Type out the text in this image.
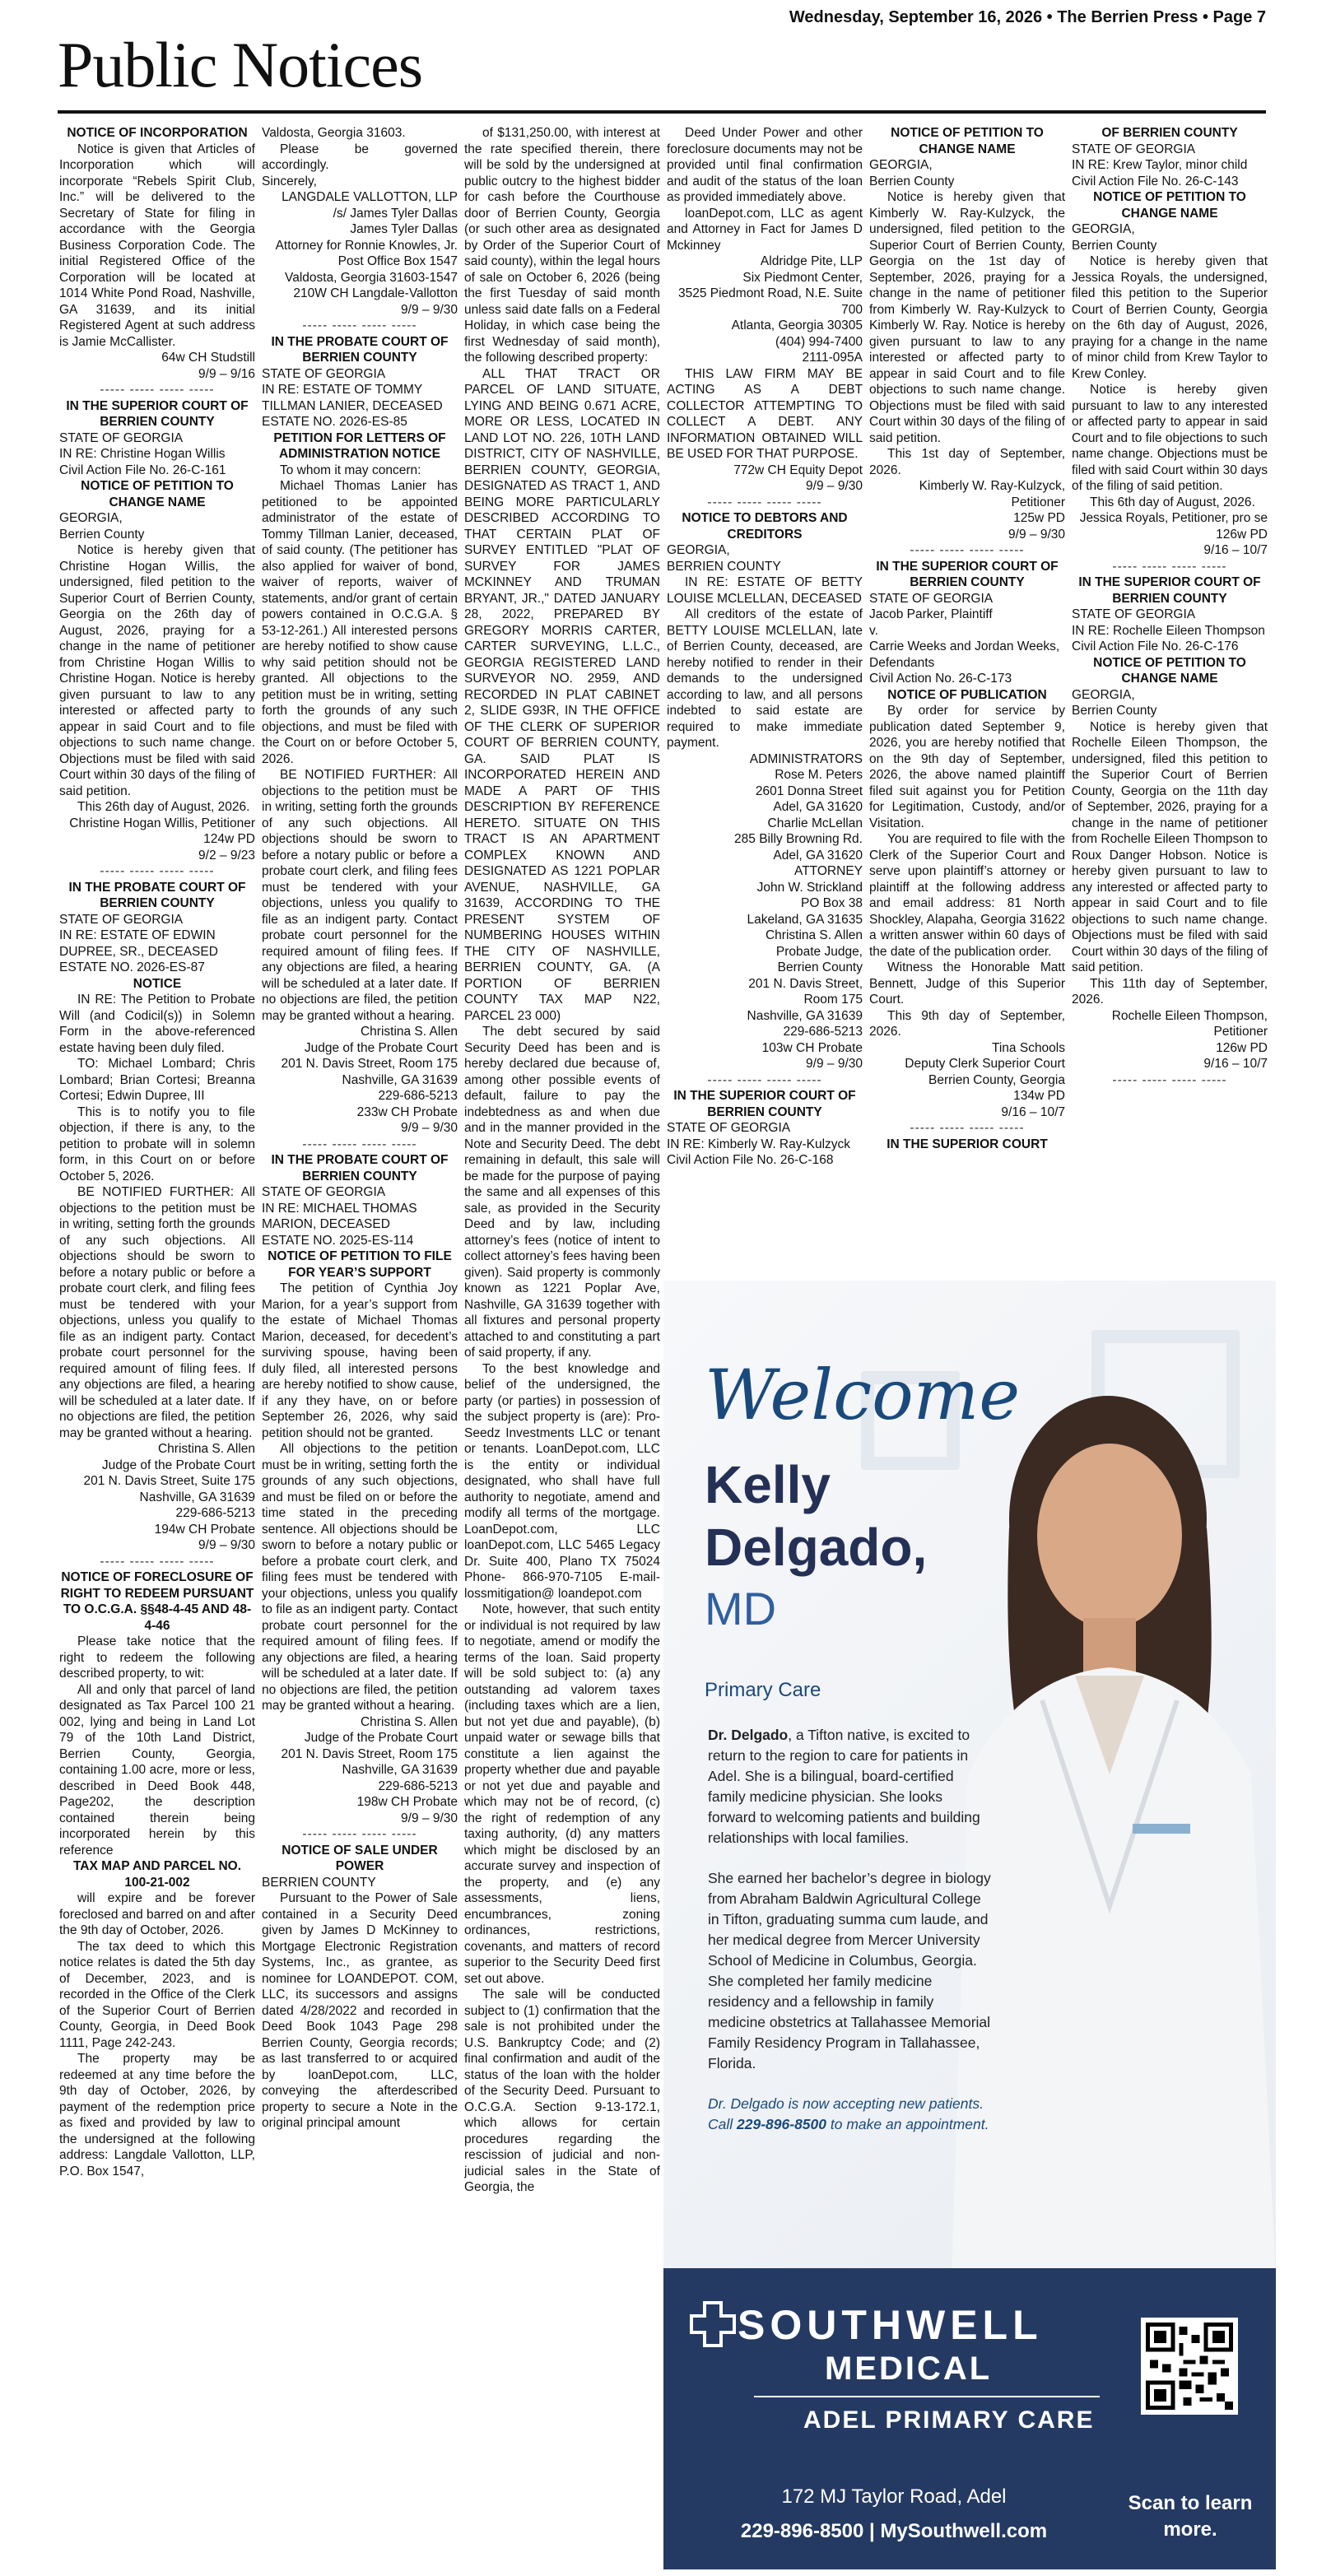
Public Notices
Wednesday, September 16, 2026 • The Berrien Press • Page 7

NOTICE OF INCORPORATION

Notice is given that Articles of Incorporation which will incorporate “Rebels Spirit Club, Inc.” will be delivered to the Secretary of State for filing in accordance with the Georgia Business Corporation Code. The initial Registered Office of the Corporation will be located at 1014 White Pond Road, Nashville, GA 31639, and its initial Registered Agent at such address is Jamie McCallister.

64w CH Studstill

9/9 – 9/16

----- ----- ----- -----

IN THE SUPERIOR COURT OF BERRIEN COUNTY

STATE OF GEORGIA

IN RE: Christine Hogan Willis

Civil Action File No. 26-C-161

NOTICE OF PETITION TO CHANGE NAME

GEORGIA,

Berrien County

Notice is hereby given that Christine Hogan Willis, the undersigned, filed petition to the Superior Court of Berrien County, Georgia on the 26th day of August, 2026, praying for a change in the name of petitioner from Christine Hogan Willis to Christine Hogan. Notice is hereby given pursuant to law to any interested or affected party to appear in said Court and to file objections to such name change. Objections must be filed with said Court within 30 days of the filing of said petition.

This 26th day of August, 2026.

Christine Hogan Willis, Petitioner

124w PD

9/2 – 9/23

----- ----- ----- -----

IN THE PROBATE COURT OF BERRIEN COUNTY

STATE OF GEORGIA

IN RE: ESTATE OF EDWIN DUPREE, SR., DECEASED

ESTATE NO. 2026-ES-87

NOTICE

IN RE: The Petition to Probate Will (and Codicil(s)) in Solemn Form in the above-referenced estate having been duly filed.

TO: Michael Lombard; Chris Lombard; Brian Cortesi; Breanna Cortesi; Edwin Dupree, III

This is to notify you to file objection, if there is any, to the petition to probate will in solemn form, in this Court on or before October 5, 2026.

BE NOTIFIED FURTHER: All objections to the petition must be in writing, setting forth the grounds of any such objections. All objections should be sworn to before a notary public or before a probate court clerk, and filing fees must be tendered with your objections, unless you qualify to file as an indigent party. Contact probate court personnel for the required amount of filing fees. If any objections are filed, a hearing will be scheduled at a later date. If no objections are filed, the petition may be granted without a hearing.

Christina S. Allen

Judge of the Probate Court

201 N. Davis Street, Suite 175

Nashville, GA 31639

229-686-5213

194w CH Probate

9/9 – 9/30

----- ----- ----- -----

NOTICE OF FORECLOSURE OF RIGHT TO REDEEM PURSUANT TO O.C.G.A. §§48-4-45 AND 48-4-46

Please take notice that the right to redeem the following described property, to wit:

All and only that parcel of land designated as Tax Parcel 100 21 002, lying and being in Land Lot 79 of the 10th Land District, Berrien County, Georgia, containing 1.00 acre, more or less, described in Deed Book 448, Page202, the description contained therein being incorporated herein by this reference

TAX MAP AND PARCEL NO. 100-21-002

will expire and be forever foreclosed and barred on and after the 9th day of October, 2026.

The tax deed to which this notice relates is dated the 5th day of December, 2023, and is recorded in the Office of the Clerk of the Superior Court of Berrien County, Georgia, in Deed Book 1111, Page 242-243.

The property may be redeemed at any time before the 9th day of October, 2026, by payment of the redemption price as fixed and provided by law to the undersigned at the following address: Langdale Vallotton, LLP, P.O. Box 1547,

Valdosta, Georgia 31603.

Please be governed accordingly.

Sincerely,

LANGDALE VALLOTTON, LLP

/s/ James Tyler Dallas

James Tyler Dallas

Attorney for Ronnie Knowles, Jr.

Post Office Box 1547

Valdosta, Georgia 31603-1547

210W CH Langdale-Vallotton

9/9 – 9/30

----- ----- ----- -----

IN THE PROBATE COURT OF BERRIEN COUNTY

STATE OF GEORGIA

IN RE: ESTATE OF TOMMY TILLMAN LANIER, DECEASED

ESTATE NO. 2026-ES-85

PETITION FOR LETTERS OF ADMINISTRATION NOTICE

To whom it may concern:

Michael Thomas Lanier has petitioned to be appointed administrator of the estate of Tommy Tillman Lanier, deceased, of said county. (The petitioner has also applied for waiver of bond, waiver of reports, waiver of statements, and/or grant of certain powers contained in O.C.G.A. § 53-12-261.) All interested persons are hereby notified to show cause why said petition should not be granted. All objections to the petition must be in writing, setting forth the grounds of any such objections, and must be filed with the Court on or before October 5, 2026.

BE NOTIFIED FURTHER: All objections to the petition must be in writing, setting forth the grounds of any such objections. All objections should be sworn to before a notary public or before a probate court clerk, and filing fees must be tendered with your objections, unless you qualify to file as an indigent party. Contact probate court personnel for the required amount of filing fees. If any objections are filed, a hearing will be scheduled at a later date. If no objections are filed, the petition may be granted without a hearing.

Christina S. Allen

Judge of the Probate Court

201 N. Davis Street, Room 175

Nashville, GA 31639

229-686-5213

233w CH Probate

9/9 – 9/30

----- ----- ----- -----

IN THE PROBATE COURT OF BERRIEN COUNTY

STATE OF GEORGIA

IN RE: MICHAEL THOMAS MARION, DECEASED

ESTATE NO. 2025-ES-114

NOTICE OF PETITION TO FILE FOR YEAR’S SUPPORT

The petition of Cynthia Joy Marion, for a year’s support from the estate of Michael Thomas Marion, deceased, for decedent’s surviving spouse, having been duly filed, all interested persons are hereby notified to show cause, if any they have, on or before September 26, 2026, why said petition should not be granted.

All objections to the petition must be in writing, setting forth the grounds of any such objections, and must be filed on or before the time stated in the preceding sentence. All objections should be sworn to before a notary public or before a probate court clerk, and filing fees must be tendered with your objections, unless you qualify to file as an indigent party. Contact probate court personnel for the required amount of filing fees. If any objections are filed, a hearing will be scheduled at a later date. If no objections are filed, the petition may be granted without a hearing.

Christina S. Allen

Judge of the Probate Court

201 N. Davis Street, Room 175

Nashville, GA 31639

229-686-5213

198w CH Probate

9/9 – 9/30

----- ----- ----- -----

NOTICE OF SALE UNDER POWER

BERRIEN COUNTY

Pursuant to the Power of Sale contained in a Security Deed given by James D McKinney to Mortgage Electronic Registration Systems, Inc., as grantee, as nominee for LOANDEPOT. COM, LLC, its successors and assigns dated 4/28/2022 and recorded in Deed Book 1043 Page 298 Berrien County, Georgia records; as last transferred to or acquired by loanDepot.com, LLC, conveying the afterdescribed property to secure a Note in the original principal amount

of $131,250.00, with interest at the rate specified therein, there will be sold by the undersigned at public outcry to the highest bidder for cash before the Courthouse door of Berrien County, Georgia (or such other area as designated by Order of the Superior Court of said county), within the legal hours of sale on October 6, 2026 (being the first Tuesday of said month unless said date falls on a Federal Holiday, in which case being the first Wednesday of said month), the following described property:

ALL THAT TRACT OR PARCEL OF LAND SITUATE, LYING AND BEING 0.671 ACRE, MORE OR LESS, LOCATED IN LAND LOT NO. 226, 10TH LAND DISTRICT, CITY OF NASHVILLE, BERRIEN COUNTY, GEORGIA, DESIGNATED AS TRACT 1, AND BEING MORE PARTICULARLY DESCRIBED ACCORDING TO THAT CERTAIN PLAT OF SURVEY ENTITLED "PLAT OF SURVEY FOR JAMES MCKINNEY AND TRUMAN BRYANT, JR.," DATED JANUARY 28, 2022, PREPARED BY GREGORY MORRIS CARTER, CARTER SURVEYING, L.L.C., GEORGIA REGISTERED LAND SURVEYOR NO. 2959, AND RECORDED IN PLAT CABINET 2, SLIDE G93R, IN THE OFFICE OF THE CLERK OF SUPERIOR COURT OF BERRIEN COUNTY, GA. SAID PLAT IS INCORPORATED HEREIN AND MADE A PART OF THIS DESCRIPTION BY REFERENCE HERETO. SITUATE ON THIS TRACT IS AN APARTMENT COMPLEX KNOWN AND DESIGNATED AS 1221 POPLAR AVENUE, NASHVILLE, GA 31639, ACCORDING TO THE PRESENT SYSTEM OF NUMBERING HOUSES WITHIN THE CITY OF NASHVILLE, BERRIEN COUNTY, GA. (A PORTION OF BERRIEN COUNTY TAX MAP N22, PARCEL 23 000)

The debt secured by said Security Deed has been and is hereby declared due because of, among other possible events of default, failure to pay the indebtedness as and when due and in the manner provided in the Note and Security Deed. The debt remaining in default, this sale will be made for the purpose of paying the same and all expenses of this sale, as provided in the Security Deed and by law, including attorney’s fees (notice of intent to collect attorney’s fees having been given). Said property is commonly known as 1221 Poplar Ave, Nashville, GA 31639 together with all fixtures and personal property attached to and constituting a part of said property, if any.

To the best knowledge and belief of the undersigned, the party (or parties) in possession of the subject property is (are): Pro-Seedz Investments LLC or tenant or tenants. LoanDepot.com, LLC is the entity or individual designated, who shall have full authority to negotiate, amend and modify all terms of the mortgage. LoanDepot.com, LLC loanDepot.com, LLC 5465 Legacy Dr. Suite 400, Plano TX 75024 Phone- 866-970-7105 E-mail- lossmitigation@ loandepot.com

Note, however, that such entity or individual is not required by law to negotiate, amend or modify the terms of the loan. Said property will be sold subject to: (a) any outstanding ad valorem taxes (including taxes which are a lien, but not yet due and payable), (b) unpaid water or sewage bills that constitute a lien against the property whether due and payable or not yet due and payable and which may not be of record, (c) the right of redemption of any taxing authority, (d) any matters which might be disclosed by an accurate survey and inspection of the property, and (e) any assessments, liens, encumbrances, zoning ordinances, restrictions, covenants, and matters of record superior to the Security Deed first set out above.

The sale will be conducted subject to (1) confirmation that the sale is not prohibited under the U.S. Bankruptcy Code; and (2) final confirmation and audit of the status of the loan with the holder of the Security Deed. Pursuant to O.C.G.A. Section 9-13-172.1, which allows for certain procedures regarding the rescission of judicial and non-judicial sales in the State of Georgia, the

Deed Under Power and other foreclosure documents may not be provided until final confirmation and audit of the status of the loan as provided immediately above.

loanDepot.com, LLC as agent and Attorney in Fact for James D Mckinney

Aldridge Pite, LLP

Six Piedmont Center,

3525 Piedmont Road, N.E. Suite 700

Atlanta, Georgia 30305

(404) 994-7400

2111-095A

THIS LAW FIRM MAY BE ACTING AS A DEBT COLLECTOR ATTEMPTING TO COLLECT A DEBT. ANY INFORMATION OBTAINED WILL BE USED FOR THAT PURPOSE.

772w CH Equity Depot

9/9 – 9/30

----- ----- ----- -----

NOTICE TO DEBTORS AND CREDITORS

GEORGIA,

BERRIEN COUNTY

IN RE: ESTATE OF BETTY LOUISE MCLELLAN, DECEASED

All creditors of the estate of BETTY LOUISE MCLELLAN, late of Berrien County, deceased, are hereby notified to render in their demands to the undersigned according to law, and all persons indebted to said estate are required to make immediate payment.

ADMINISTRATORS

Rose M. Peters

2601 Donna Street

Adel, GA 31620

Charlie McLellan

285 Billy Browning Rd.

Adel, GA 31620

ATTORNEY

John W. Strickland

PO Box 38

Lakeland, GA 31635

Christina S. Allen

Probate Judge,

Berrien County

201 N. Davis Street,

Room 175

Nashville, GA 31639

229-686-5213

103w CH Probate

9/9 – 9/30

----- ----- ----- -----

IN THE SUPERIOR COURT OF BERRIEN COUNTY

STATE OF GEORGIA

IN RE: Kimberly W. Ray-Kulzyck

Civil Action File No. 26-C-168

NOTICE OF PETITION TO CHANGE NAME

GEORGIA,

Berrien County

Notice is hereby given that Kimberly W. Ray-Kulzyck, the undersigned, filed petition to the Superior Court of Berrien County, Georgia on the 1st day of September, 2026, praying for a change in the name of petitioner from Kimberly W. Ray-Kulzyck to Kimberly W. Ray. Notice is hereby given pursuant to law to any interested or affected party to appear in said Court and to file objections to such name change. Objections must be filed with said Court within 30 days of the filing of said petition.

This 1st day of September, 2026.

Kimberly W. Ray-Kulzyck, Petitioner

125w PD

9/9 – 9/30

----- ----- ----- -----

IN THE SUPERIOR COURT OF BERRIEN COUNTY

STATE OF GEORGIA

Jacob Parker, Plaintiff

v.

Carrie Weeks and Jordan Weeks, Defendants

Civil Action No. 26-C-173

NOTICE OF PUBLICATION

By order for service by publication dated September 9, 2026, you are hereby notified that on the 9th day of September, 2026, the above named plaintiff filed suit against you for Petition for Legitimation, Custody, and/or Visitation.

You are required to file with the Clerk of the Superior Court and serve upon plaintiff’s attorney or plaintiff at the following address and email address: 81 North Shockley, Alapaha, Georgia 31622 a written answer within 60 days of the date of the publication order.

Witness the Honorable Matt Bennett, Judge of this Superior Court.

This 9th day of September, 2026.

Tina Schools

Deputy Clerk Superior Court

Berrien County, Georgia

134w PD

9/16 – 10/7

----- ----- ----- -----

IN THE SUPERIOR COURT

OF BERRIEN COUNTY

STATE OF GEORGIA

IN RE: Krew Taylor, minor child

Civil Action File No. 26-C-143

NOTICE OF PETITION TO CHANGE NAME

GEORGIA,

Berrien County

Notice is hereby given that Jessica Royals, the undersigned, filed this petition to the Superior Court of Berrien County, Georgia on the 6th day of August, 2026, praying for a change in the name of minor child from Krew Taylor to Krew Conley.

Notice is hereby given pursuant to law to any interested or affected party to appear in said Court and to file objections to such name change. Objections must be filed with said Court within 30 days of the filing of said petition.

This 6th day of August, 2026.

Jessica Royals, Petitioner, pro se

126w PD

9/16 – 10/7

----- ----- ----- -----

IN THE SUPERIOR COURT OF BERRIEN COUNTY

STATE OF GEORGIA

IN RE: Rochelle Eileen Thompson

Civil Action File No. 26-C-176

NOTICE OF PETITION TO CHANGE NAME

GEORGIA,

Berrien County

Notice is hereby given that Rochelle Eileen Thompson, the undersigned, filed this petition to the Superior Court of Berrien County, Georgia on the 11th day of September, 2026, praying for a change in the name of petitioner from Rochelle Eileen Thompson to Roux Danger Hobson. Notice is hereby given pursuant to law to any interested or affected party to appear in said Court and to file objections to such name change. Objections must be filed with said Court within 30 days of the filing of said petition.

This 11th day of September, 2026.

Rochelle Eileen Thompson, Petitioner

126w PD

9/16 – 10/7

----- ----- ----- -----

Welcome
Kelly Delgado,
MD
Primary Care

Dr. Delgado, a Tifton native, is excited to return to the region to care for patients in Adel. She is a bilingual, board-certified family medicine physician. She looks forward to welcoming patients and building relationships with local families.

She earned her bachelor’s degree in biology from Abraham Baldwin Agricultural College in Tifton, graduating summa cum laude, and her medical degree from Mercer University School of Medicine in Columbus, Georgia. She completed her family medicine residency and a fellowship in family medicine obstetrics at Tallahassee Memorial Family Residency Program in Tallahassee, Florida.

Dr. Delgado is now accepting new patients. Call 229-896-8500 to make an appointment.

SOUTHWELL
MEDICAL
ADEL PRIMARY CARE
172 MJ Taylor Road, Adel
229-896-8500 | MySouthwell.com
Scan to learn more.
